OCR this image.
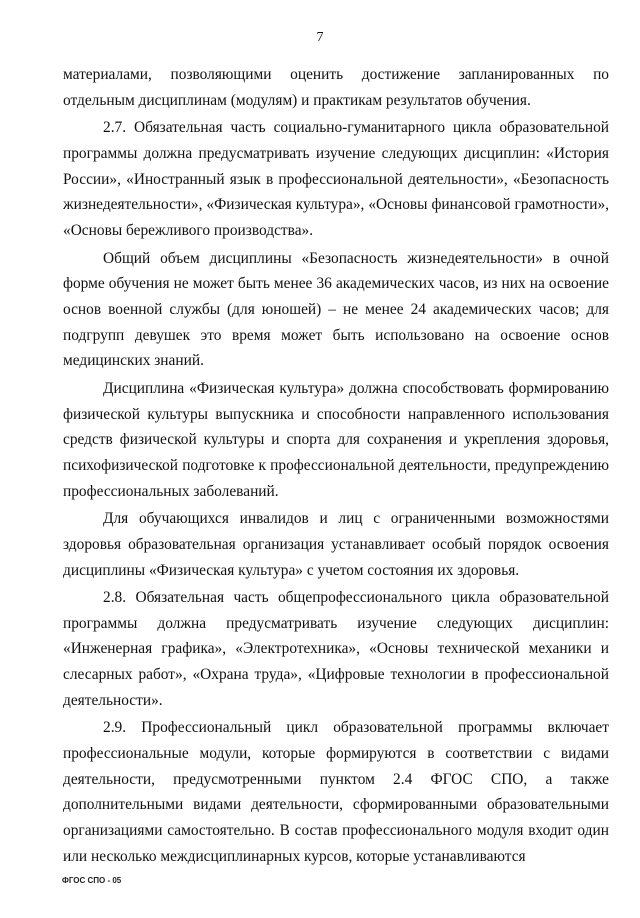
7

материалами, позволяющими оценить достижение запланированных по отдельным дисциплинам (модулям) и практикам результатов обучения.

2.7. Обязательная часть социально-гуманитарного цикла образовательной программы должна предусматривать изучение следующих дисциплин: «История России», «Иностранный язык в профессиональной деятельности», «Безопасность жизнедеятельности», «Физическая культура», «Основы финансовой грамотности», «Основы бережливого производства».

Общий объем дисциплины «Безопасность жизнедеятельности» в очной форме обучения не может быть менее 36 академических часов, из них на освоение основ военной службы (для юношей) – не менее 24 академических часов; для подгрупп девушек это время может быть использовано на освоение основ медицинских знаний.

Дисциплина «Физическая культура» должна способствовать формированию физической культуры выпускника и способности направленного использования средств физической культуры и спорта для сохранения и укрепления здоровья, психофизической подготовке к профессиональной деятельности, предупреждению профессиональных заболеваний.

Для обучающихся инвалидов и лиц с ограниченными возможностями здоровья образовательная организация устанавливает особый порядок освоения дисциплины «Физическая культура» с учетом состояния их здоровья.

2.8. Обязательная часть общепрофессионального цикла образовательной программы должна предусматривать изучение следующих дисциплин: «Инженерная графика», «Электротехника», «Основы технической механики и слесарных работ», «Охрана труда», «Цифровые технологии в профессиональной деятельности».

2.9. Профессиональный цикл образовательной программы включает профессиональные модули, которые формируются в соответствии с видами деятельности, предусмотренными пунктом 2.4 ФГОС СПО, а также дополнительными видами деятельности, сформированными образовательными организациями самостоятельно. В состав профессионального модуля входит один или несколько междисциплинарных курсов, которые устанавливаются

ФГОС СПО - 05
